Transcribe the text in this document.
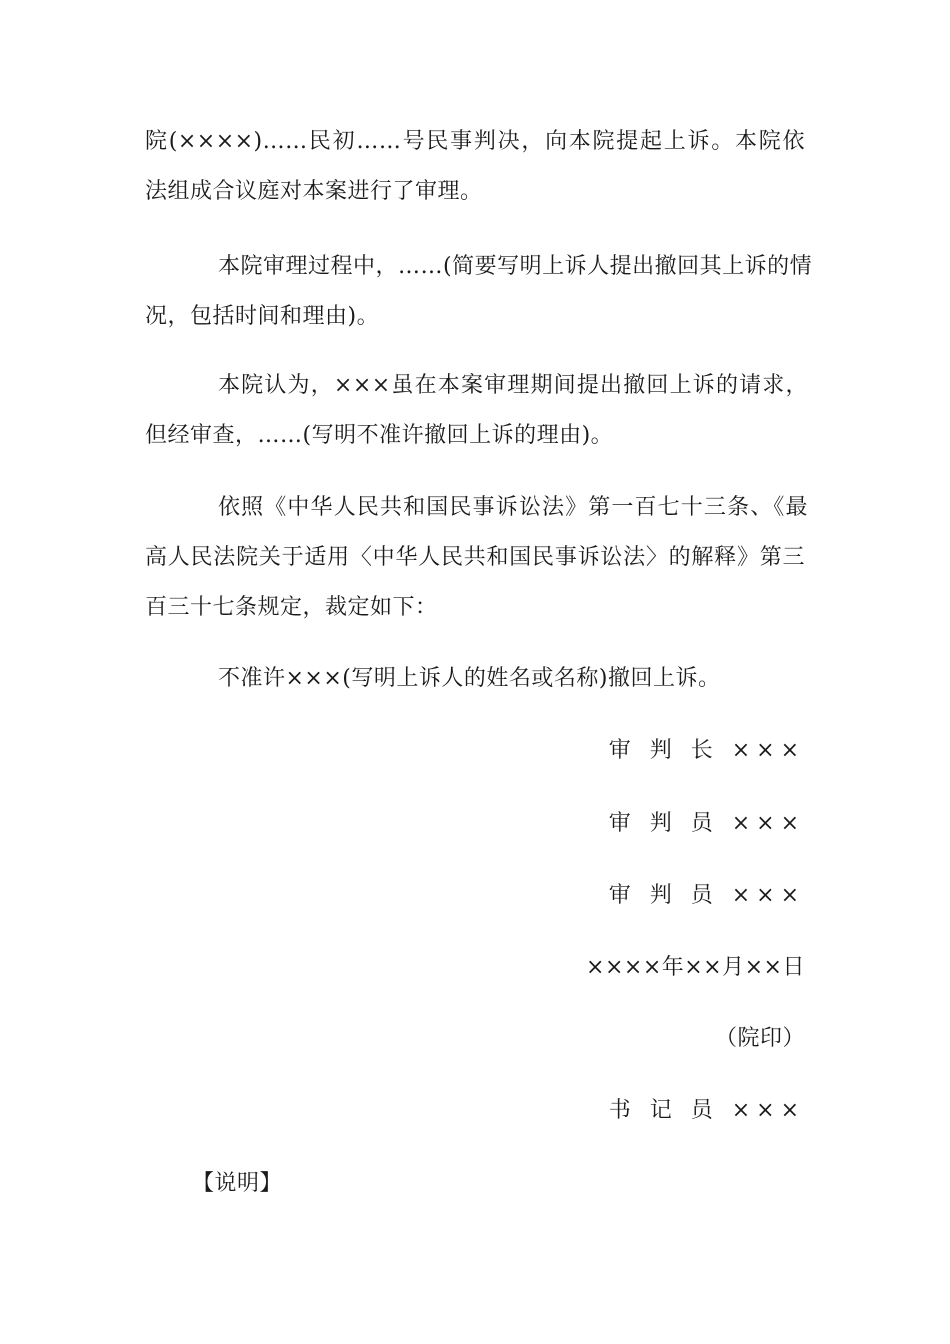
院(××××)……民初……号民事判决，向本院提起上诉。本院依
法组成合议庭对本案进行了审理。
本院审理过程中，……(简要写明上诉人提出撤回其上诉的情
况，包括时间和理由)。
本院认为，×××虽在本案审理期间提出撤回上诉的请求，
但经审查，……(写明不准许撤回上诉的理由)。
依照《中华人民共和国民事诉讼法》第一百七十三条、《最
高人民法院关于适用〈中华人民共和国民事诉讼法〉的解释》第三
百三十七条规定，裁定如下：
不准许×××(写明上诉人的姓名或名称)撤回上诉。
审 判 长 ×××
审 判 员 ×××
审 判 员 ×××
××××年××月××日
（院印）
书 记 员 ×××
【说明】
